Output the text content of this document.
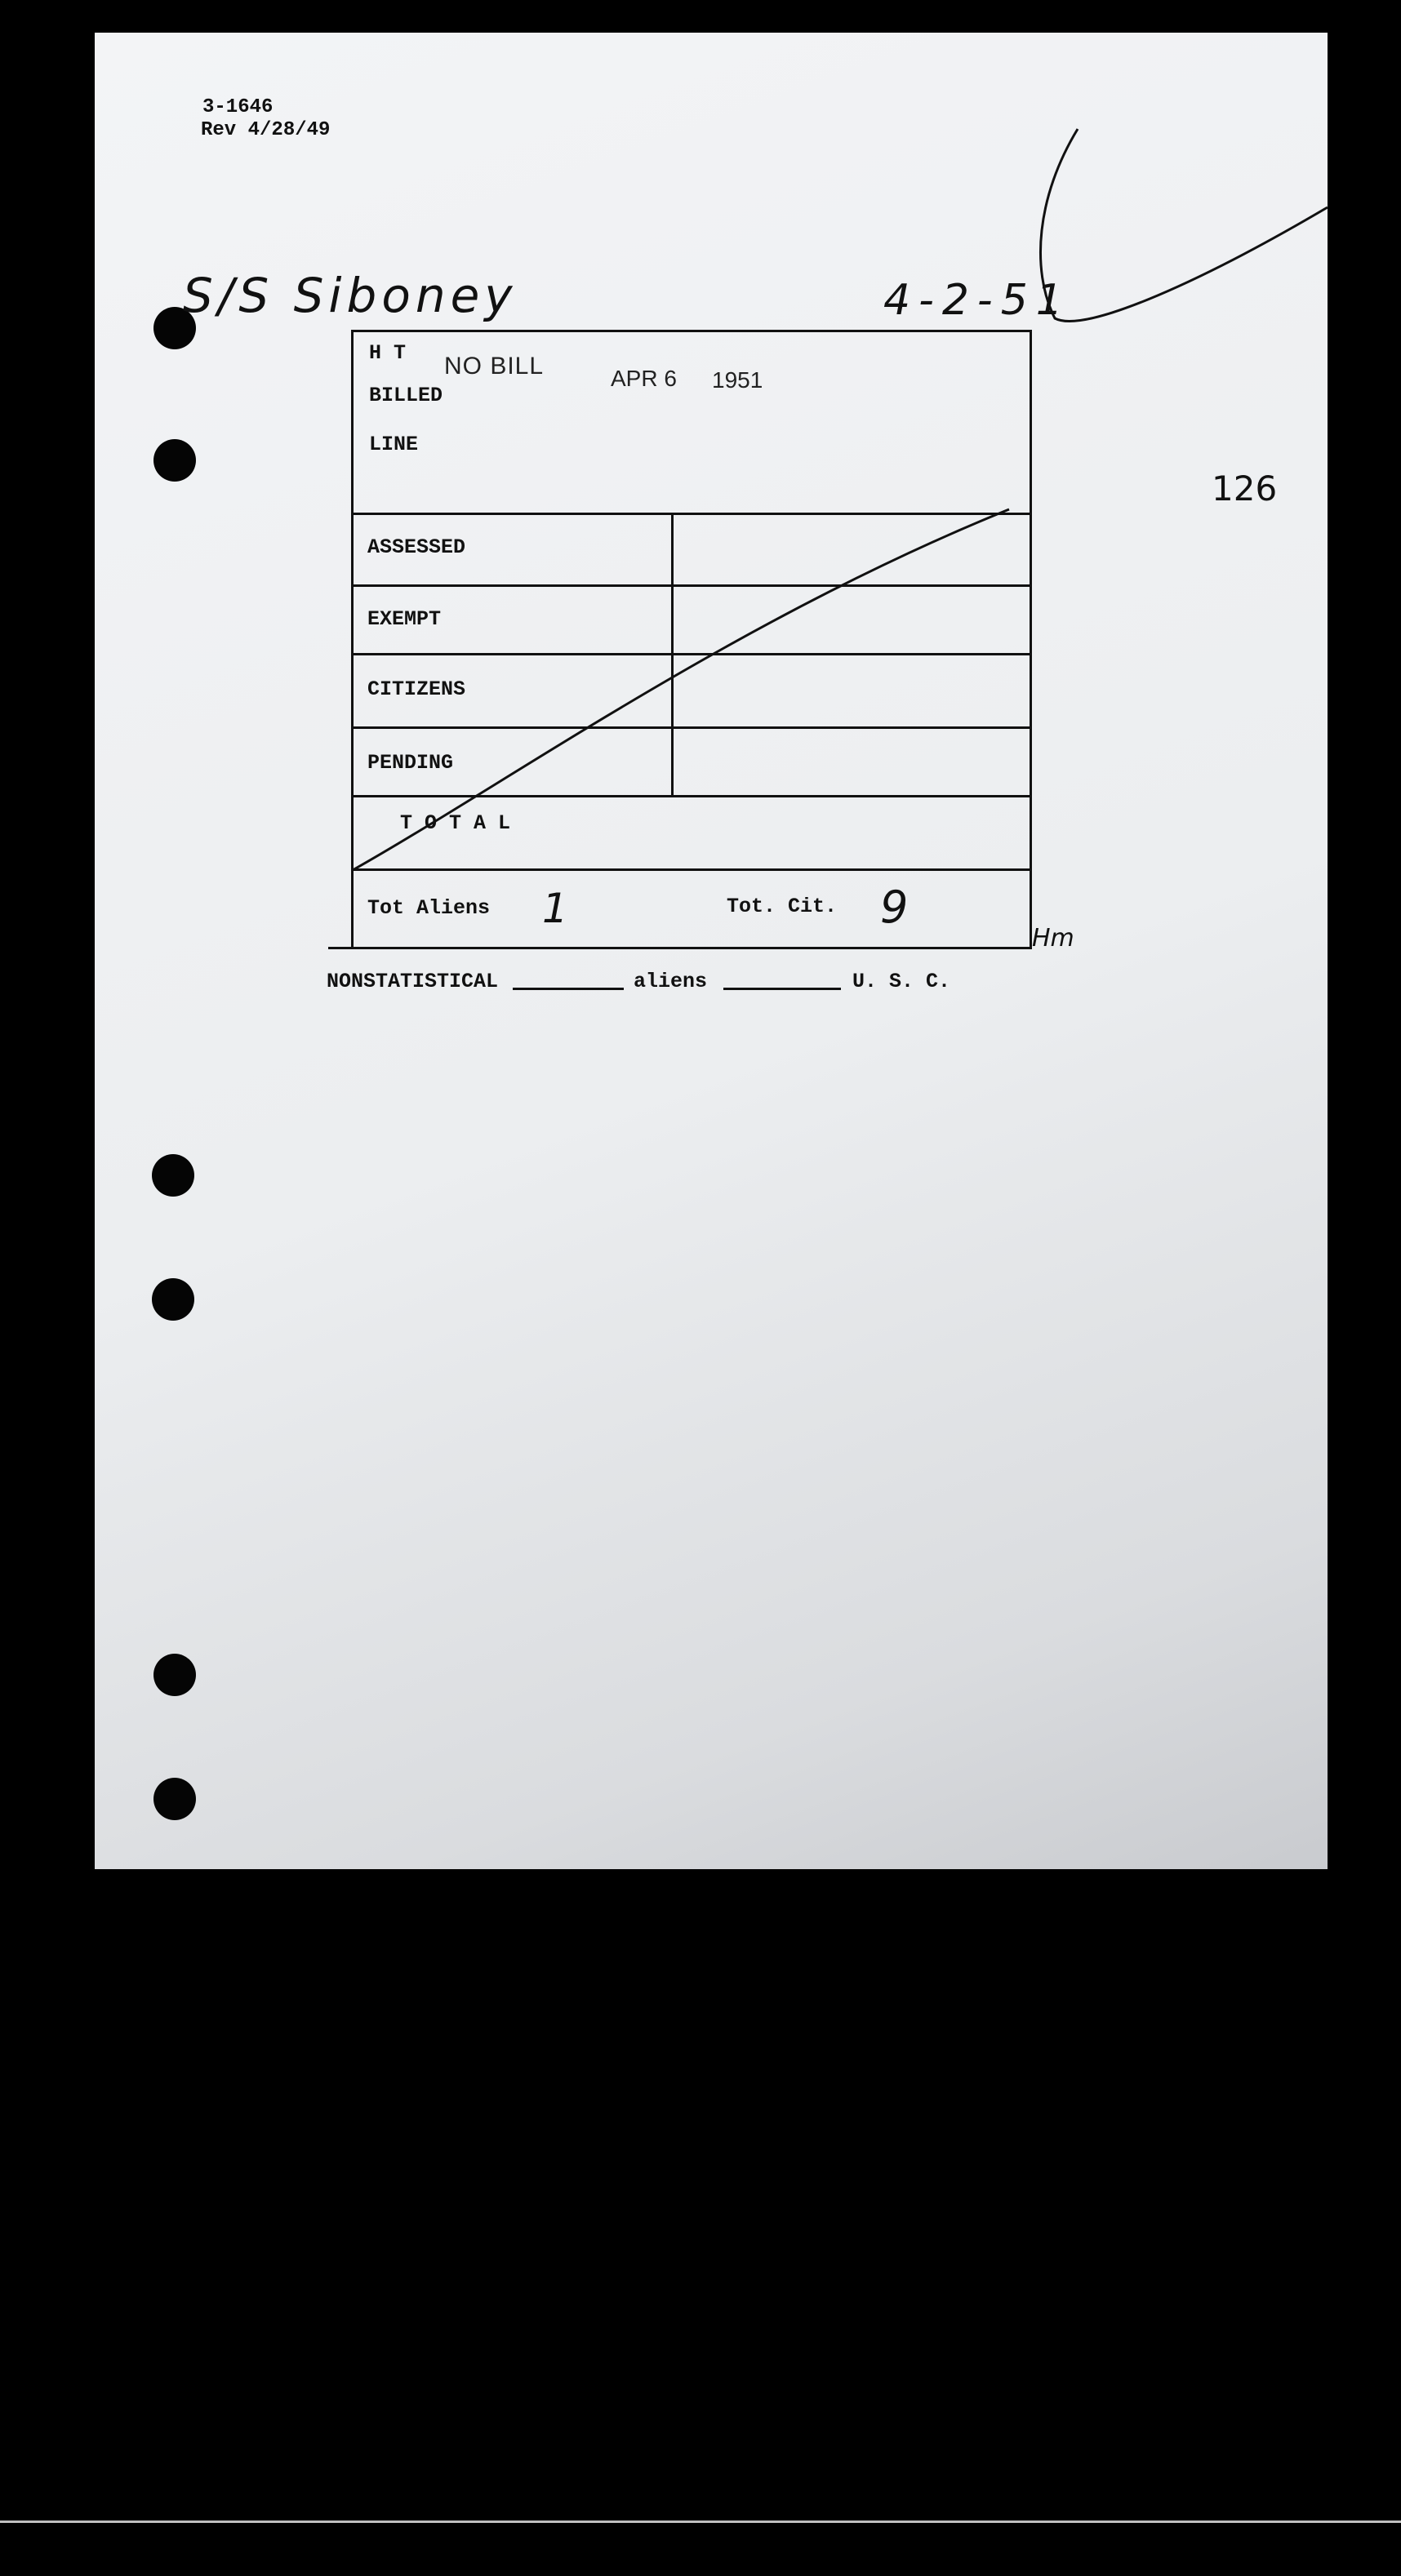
3-1646
Rev 4/28/49
S/S Siboney	4-2-51
126
Hm
H T NO BILL	APR 6 1951
BILLED
LINE
ASSESSED
EXEMPT
CITIZENS
PENDING
T O T A L
Tot Aliens 1	Tot. Cit. 9
NONSTATISTICAL	aliens	U. S. C.
